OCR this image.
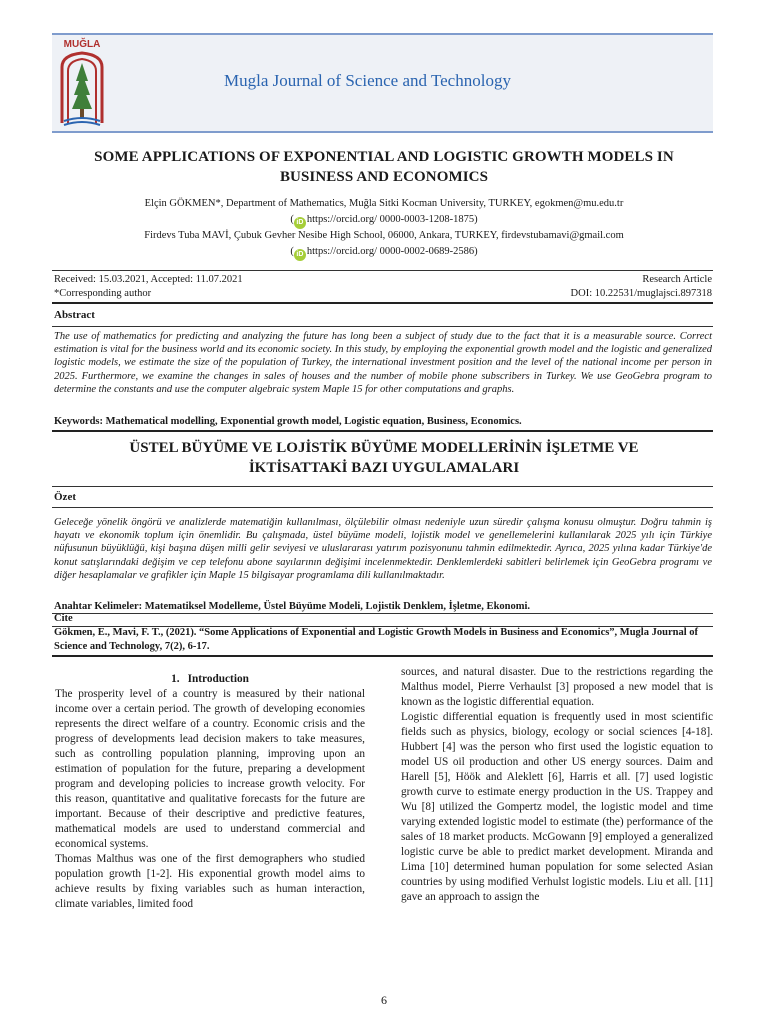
MUĞLA
Mugla Journal of Science and Technology
SOME APPLICATIONS OF EXPONENTIAL AND LOGISTIC GROWTH MODELS IN
BUSINESS AND ECONOMICS
Elçin GÖKMEN*, Department of Mathematics, Muğla Sitki Kocman University, TURKEY, egokmen@mu.edu.tr
( iD https://orcid.org/ 0000-0003-1208-1875)
Firdevs Tuba MAVİ, Çubuk Gevher Nesibe High School, 06000, Ankara, TURKEY, firdevstubamavi@gmail.com
( iD https://orcid.org/ 0000-0002-0689-2586)
Received: 15.03.2021, Accepted: 11.07.2021	Research Article
*Corresponding author	DOI: 10.22531/muglajsci.897318
Abstract
The use of mathematics for predicting and analyzing the future has long been a subject of study due to the fact that it is a measurable source. Correct estimation is vital for the business world and its economic society. In this study, by employing the exponential growth model and the logistic and generalized logistic models, we estimate the size of the population of Turkey, the international investment position and the level of the national income per person in 2025. Furthermore, we examine the changes in sales of houses and the number of mobile phone subscribers in Turkey. We use GeoGebra program to determine the constants and use the computer algebraic system Maple 15 for other computations and graphs.
Keywords: Mathematical modelling, Exponential growth model, Logistic equation, Business, Economics.
ÜSTEL BÜYÜME VE LOJİSTİK BÜYÜME MODELLERİNİN İŞLETME VE
İKTİSATTAKİ BAZI UYGULAMALARI
Özet
Geleceğe yönelik öngörü ve analizlerde matematiğin kullanılması, ölçülebilir olması nedeniyle uzun süredir çalışma konusu olmuştur. Doğru tahmin iş hayatı ve ekonomik toplum için önemlidir. Bu çalışmada, üstel büyüme modeli, lojistik model ve genellemelerini kullanılarak 2025 yılı için Türkiye nüfusunun büyüklüğü, kişi başına düşen milli gelir seviyesi ve uluslararası yatırım pozisyonunu tahmin edilmektedir. Ayrıca, 2025 yılına kadar Türkiye'de konut satışlarındaki değişim ve cep telefonu abone sayılarının değişimi incelenmektedir. Denklemlerdeki sabitleri belirlemek için GeoGebra programı ve diğer hesaplamalar ve grafikler için Maple 15 bilgisayar programlama dili kullanılmaktadır.
Anahtar Kelimeler: Matematiksel Modelleme, Üstel Büyüme Modeli, Lojistik Denklem, İşletme, Ekonomi.
Cite
Gökmen, E., Mavi, F. T., (2021). “Some Applications of Exponential and Logistic Growth Models in Business and Economics”, Mugla Journal of Science and Technology, 7(2), 6-17.

1. Introduction

The prosperity level of a country is measured by their national income over a certain period. The growth of developing economies represents the direct welfare of a country. Economic crisis and the progress of developments lead decision makers to take measures, such as controlling population planning, improving upon an estimation of population for the future, preparing a development program and developing policies to increase growth velocity. For this reason, quantitative and qualitative forecasts for the future are important. Because of their descriptive and predictive features, mathematical models are used to understand commercial and economical systems.

Thomas Malthus was one of the first demographers who studied population growth [1-2]. His exponential growth model aims to achieve results by fixing variables such as human interaction, climate variables, limited food

sources, and natural disaster. Due to the restrictions regarding the Malthus model, Pierre Verhaulst [3] proposed a new model that is known as the logistic differential equation.

Logistic differential equation is frequently used in most scientific fields such as physics, biology, ecology or social sciences [4-18]. Hubbert [4] was the person who first used the logistic equation to model US oil production and other US energy sources. Daim and Harell [5], Höök and Aleklett [6], Harris et all. [7] used logistic growth curve to estimate energy production in the US. Trappey and Wu [8] utilized the Gompertz model, the logistic model and time varying extended logistic model to estimate (the) performance of the sales of 18 market products. McGowann [9] employed a generalized logistic curve be able to predict market development. Miranda and Lima [10] determined human population for some selected Asian countries by using modified Verhulst logistic models. Liu et all. [11] gave an approach to assign the

6
